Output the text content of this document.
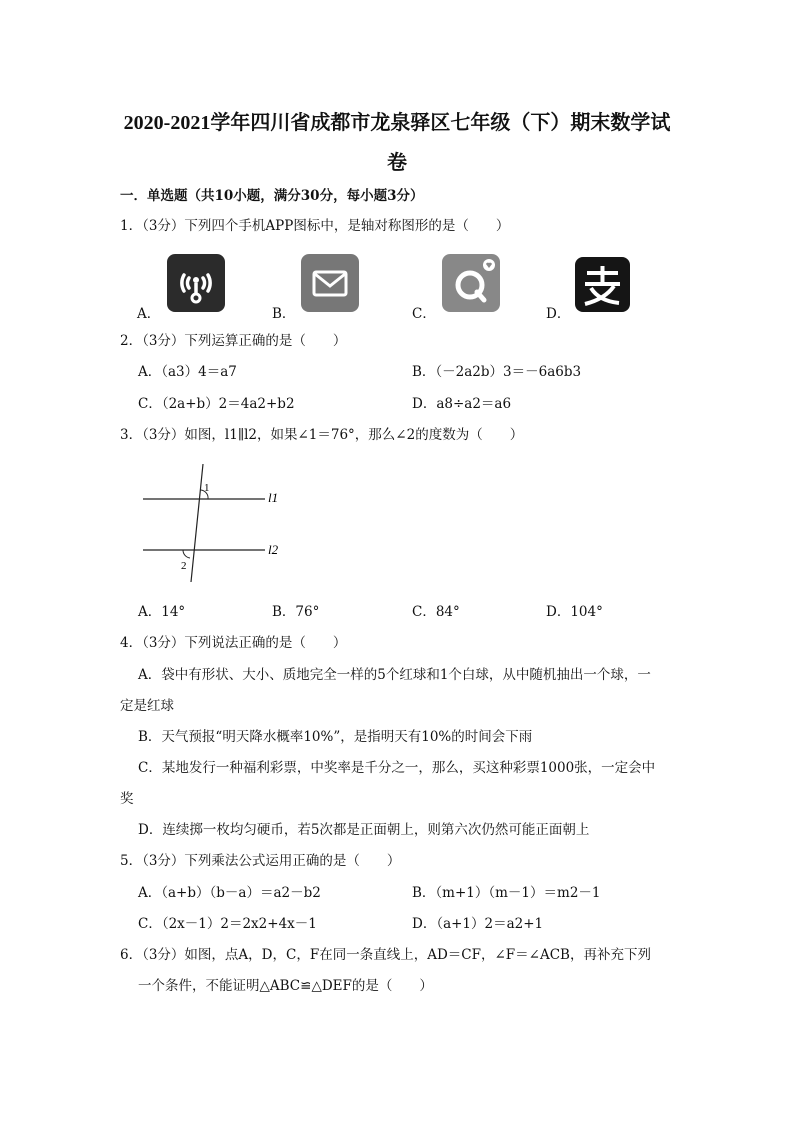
2020-2021学年四川省成都市龙泉驿区七年级（下）期末数学试
卷
一．单选题（共10小题，满分30分，每小题3分）
1．（3分）下列四个手机APP图标中，是轴对称图形的是（　　）
A．	B．	C．	D．
2．（3分）下列运算正确的是（　　）
A．（a3）4＝a7	B．（－2a2b）3＝－6a6b3
C．（2a+b）2＝4a2+b2	D．a8÷a2＝a6
3．（3分）如图，l1∥l2，如果∠1＝76°，那么∠2的度数为（　　）
1
2
l1
l2
A．14°	B．76°	C．84°	D．104°
4．（3分）下列说法正确的是（　　）
A．袋中有形状、大小、质地完全一样的5个红球和1个白球，从中随机抽出一个球，一
定是红球
B．天气预报“明天降水概率10%”，是指明天有10%的时间会下雨
C．某地发行一种福利彩票，中奖率是千分之一，那么，买这种彩票1000张，一定会中
奖
D．连续掷一枚均匀硬币，若5次都是正面朝上，则第六次仍然可能正面朝上
5．（3分）下列乘法公式运用正确的是（　　）
A．（a+b）（b－a）＝a2－b2	B．（m+1）（m－1）＝m2－1
C．（2x－1）2＝2x2+4x－1	D．（a+1）2＝a2+1
6．（3分）如图，点A，D，C，F在同一条直线上，AD＝CF，∠F＝∠ACB，再补充下列
一个条件，不能证明△ABC≌△DEF的是（　　）
